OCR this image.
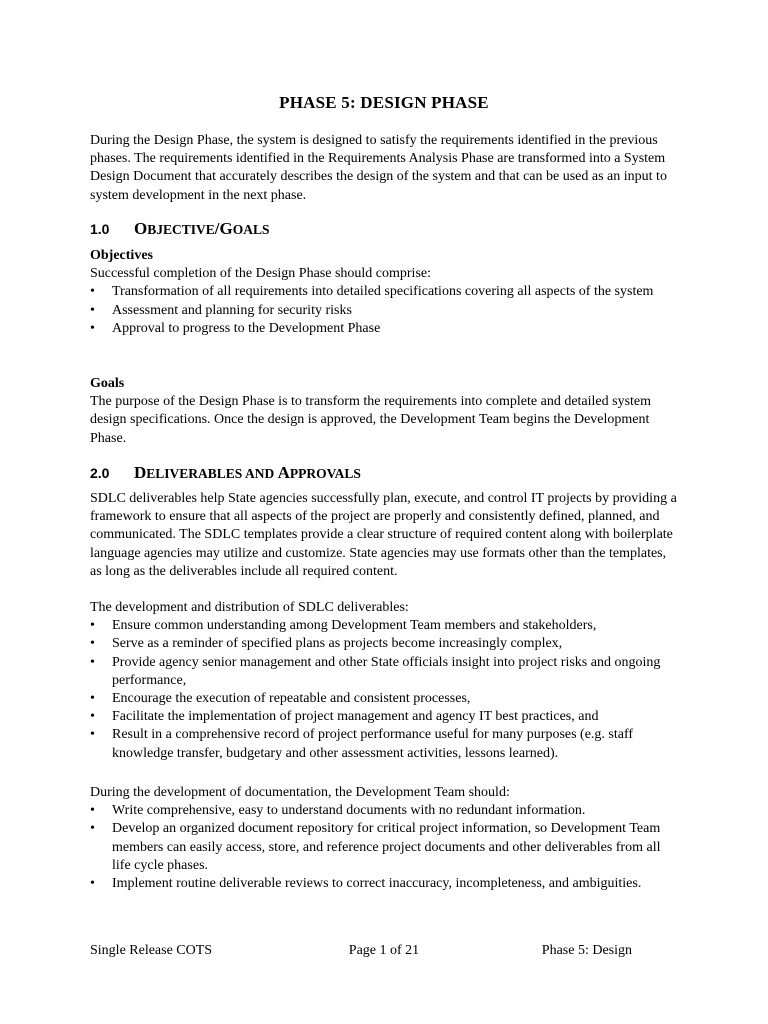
PHASE 5: DESIGN PHASE

During the Design Phase, the system is designed to satisfy the requirements identified in the previous phases. The requirements identified in the Requirements Analysis Phase are transformed into a System Design Document that accurately describes the design of the system and that can be used as an input to system development in the next phase.

1.0	OBJECTIVE/GOALS
Objectives
Successful completion of the Design Phase should comprise:
• Transformation of all requirements into detailed specifications covering all aspects of the system
• Assessment and planning for security risks
• Approval to progress to the Development Phase
Goals
The purpose of the Design Phase is to transform the requirements into complete and detailed system design specifications. Once the design is approved, the Development Team begins the Development Phase.
2.0	DELIVERABLES AND APPROVALS

SDLC deliverables help State agencies successfully plan, execute, and control IT projects by providing a framework to ensure that all aspects of the project are properly and consistently defined, planned, and communicated. The SDLC templates provide a clear structure of required content along with boilerplate language agencies may utilize and customize. State agencies may use formats other than the templates, as long as the deliverables include all required content.

The development and distribution of SDLC deliverables:
• Ensure common understanding among Development Team members and stakeholders,
• Serve as a reminder of specified plans as projects become increasingly complex,
• Provide agency senior management and other State officials insight into project risks and ongoing performance,
• Encourage the execution of repeatable and consistent processes,
• Facilitate the implementation of project management and agency IT best practices, and
• Result in a comprehensive record of project performance useful for many purposes (e.g. staff knowledge transfer, budgetary and other assessment activities, lessons learned).
During the development of documentation, the Development Team should:
• Write comprehensive, easy to understand documents with no redundant information.
• Develop an organized document repository for critical project information, so Development Team members can easily access, store, and reference project documents and other deliverables from all life cycle phases.
• Implement routine deliverable reviews to correct inaccuracy, incompleteness, and ambiguities.
Single Release COTS	Page 1 of 21	Phase 5: Design
